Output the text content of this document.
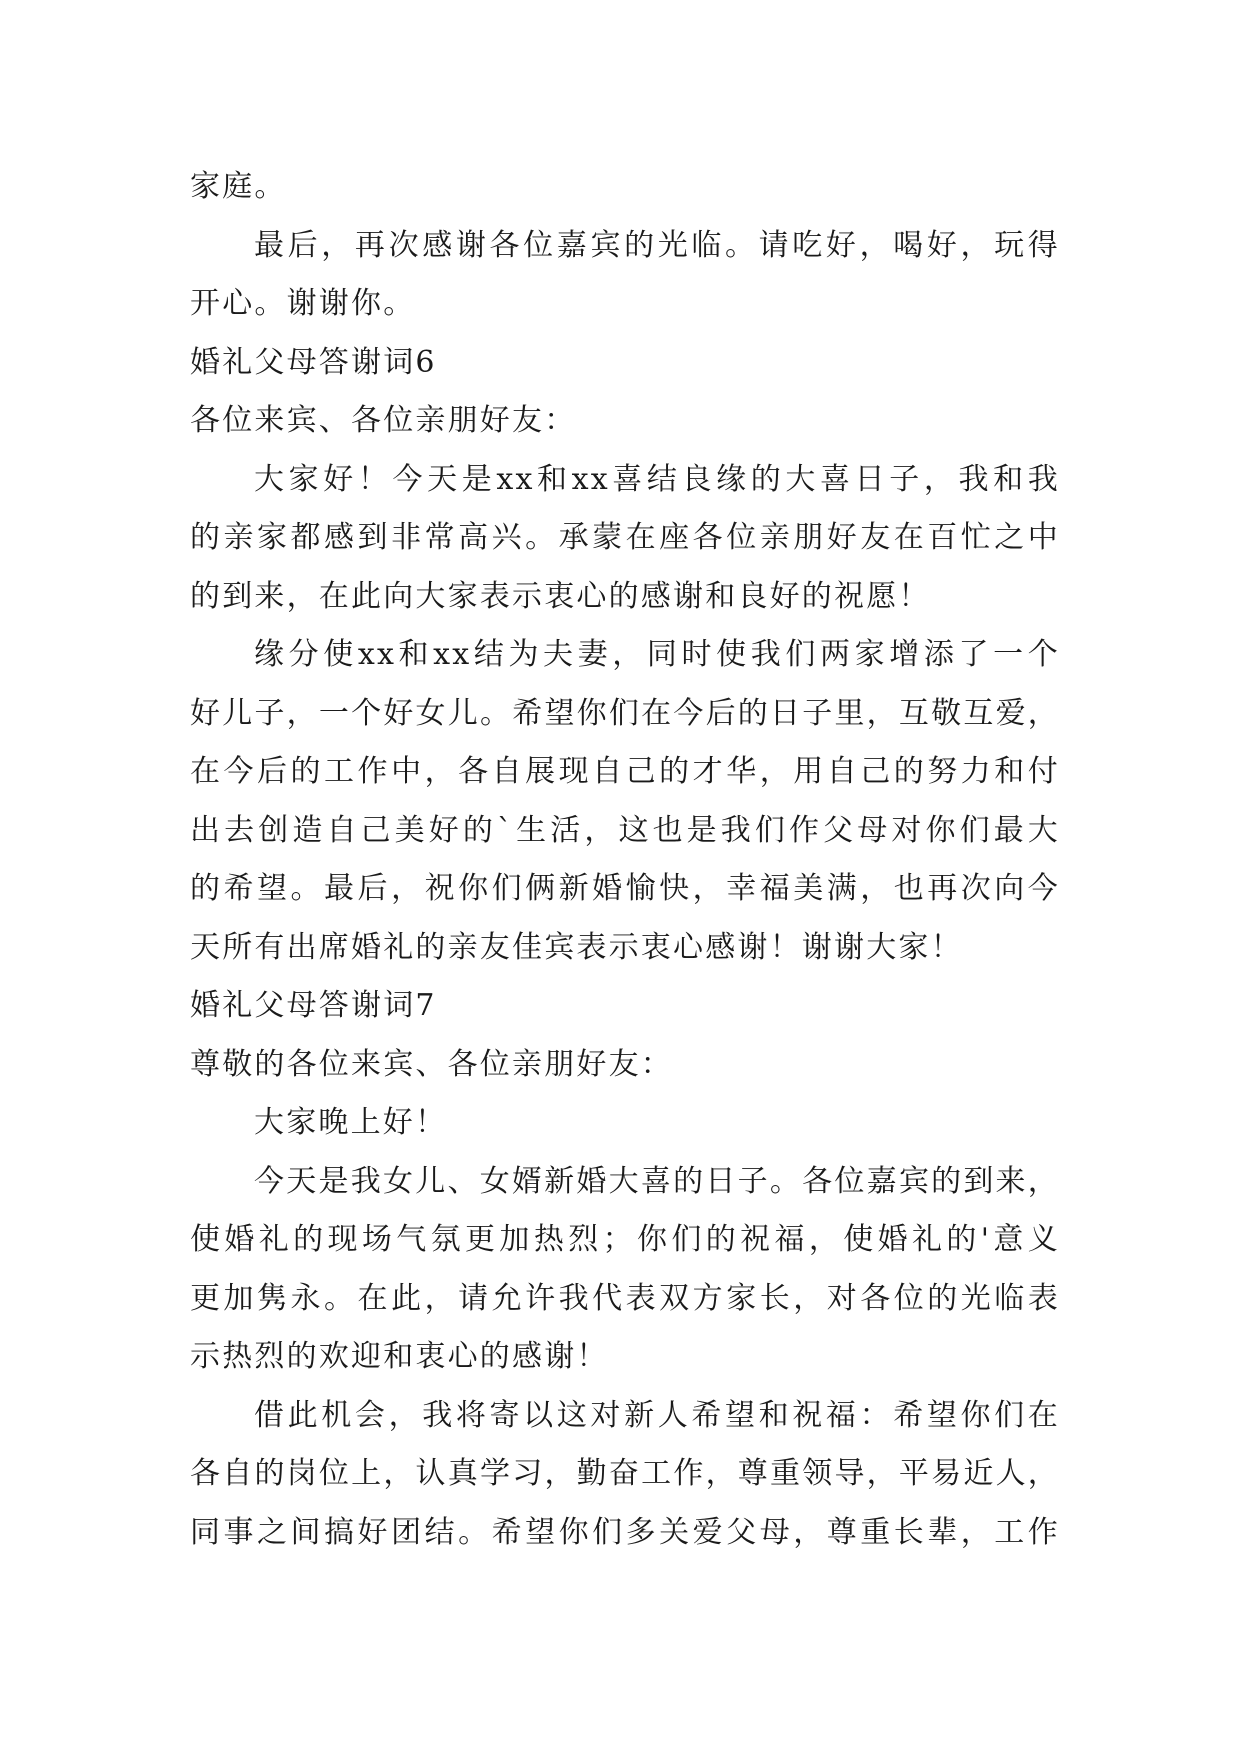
家庭。
最后，再次感谢各位嘉宾的光临。请吃好，喝好，玩得
开心。谢谢你。
婚礼父母答谢词6
各位来宾、各位亲朋好友：
大家好！今天是xx和xx喜结良缘的大喜日子，我和我
的亲家都感到非常高兴。承蒙在座各位亲朋好友在百忙之中
的到来，在此向大家表示衷心的感谢和良好的祝愿！
缘分使xx和xx结为夫妻，同时使我们两家增添了一个
好儿子，一个好女儿。希望你们在今后的日子里，互敬互爱，
在今后的工作中，各自展现自己的才华，用自己的努力和付
出去创造自己美好的`生活，这也是我们作父母对你们最大
的希望。最后，祝你们俩新婚愉快，幸福美满，也再次向今
天所有出席婚礼的亲友佳宾表示衷心感谢！谢谢大家！
婚礼父母答谢词7
尊敬的各位来宾、各位亲朋好友：
大家晚上好！
今天是我女儿、女婿新婚大喜的日子。各位嘉宾的到来，
使婚礼的现场气氛更加热烈；你们的祝福，使婚礼的'意义
更加隽永。在此，请允许我代表双方家长，对各位的光临表
示热烈的欢迎和衷心的感谢！
借此机会，我将寄以这对新人希望和祝福：希望你们在
各自的岗位上，认真学习，勤奋工作，尊重领导，平易近人，
同事之间搞好团结。希望你们多关爱父母，尊重长辈，工作
